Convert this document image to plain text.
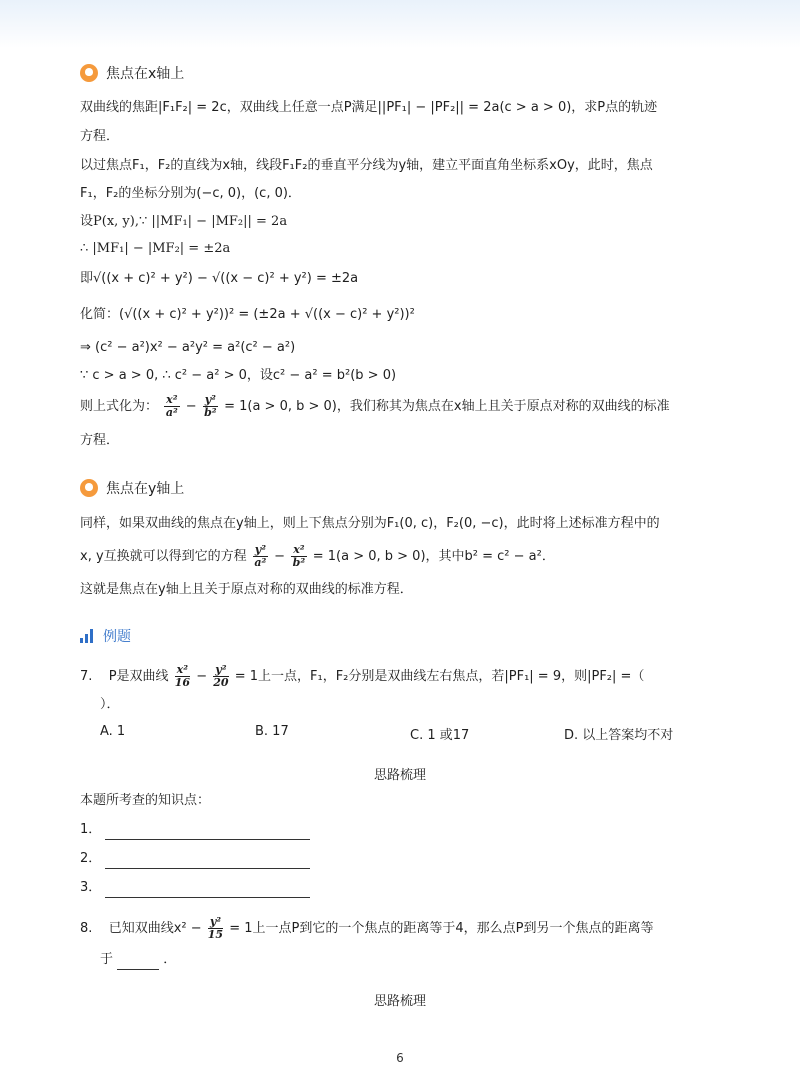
焦点在x轴上
双曲线的焦距|F₁F₂| = 2c，双曲线上任意一点P满足||PF₁| − |PF₂|| = 2a(c > a > 0)，求P点的轨迹
方程．
以过焦点F₁，F₂的直线为x轴，线段F₁F₂的垂直平分线为y轴，建立平面直角坐标系xOy，此时，焦点
F₁，F₂的坐标分别为(−c, 0)，(c, 0)．
设P(x, y),∵ ||MF₁| − |MF₂|| = 2a
∴ |MF₁| − |MF₂| = ±2a
即√((x + c)² + y²) − √((x − c)² + y²) = ±2a
化简：(√((x + c)² + y²))² = (±2a + √((x − c)² + y²))²
⇒ (c² − a²)x² − a²y² = a²(c² − a²)
∵ c > a > 0, ∴ c² − a² > 0，设c² − a² = b²(b > 0)
则上式化为： $\frac{\text{x²}}{\text{a²}} - \frac{\text{y²}}{\text{b²}} = 1(a > 0$, b > 0)，我们称其为焦点在x轴上且关于原点对称的双曲线的标准
方程．
焦点在y轴上
同样，如果双曲线的焦点在y轴上，则上下焦点分别为F₁(0, c)，F₂(0, −c)，此时将上述标准方程中的
x, y互换就可以得到它的方程 $\frac{\text{y²}}{\text{a²}} - \frac{\text{x²}}{\text{b²}} = 1(a > 0$, b > 0)，其中b² = c² − a²．
这就是焦点在y轴上且关于原点对称的双曲线的标准方程．
例题
7. P是双曲线 $\frac{\text{x²}}{16} - \frac{\text{y²}}{20} = 1$上一点，F₁，F₂分别是双曲线左右焦点，若|PF₁| = 9，则|PF₂| =（
）．
A. 1	B. 17	C. 1 或17	D. 以上答案均不对
思路梳理
本题所考查的知识点：
1．
2．
3．
8. 已知双曲线$x^2 - \frac{\text{y²}}{15} = 1$上一点P到它的一个焦点的距离等于4，那么点P到另一个焦点的距离等
于	．
思路梳理
6
